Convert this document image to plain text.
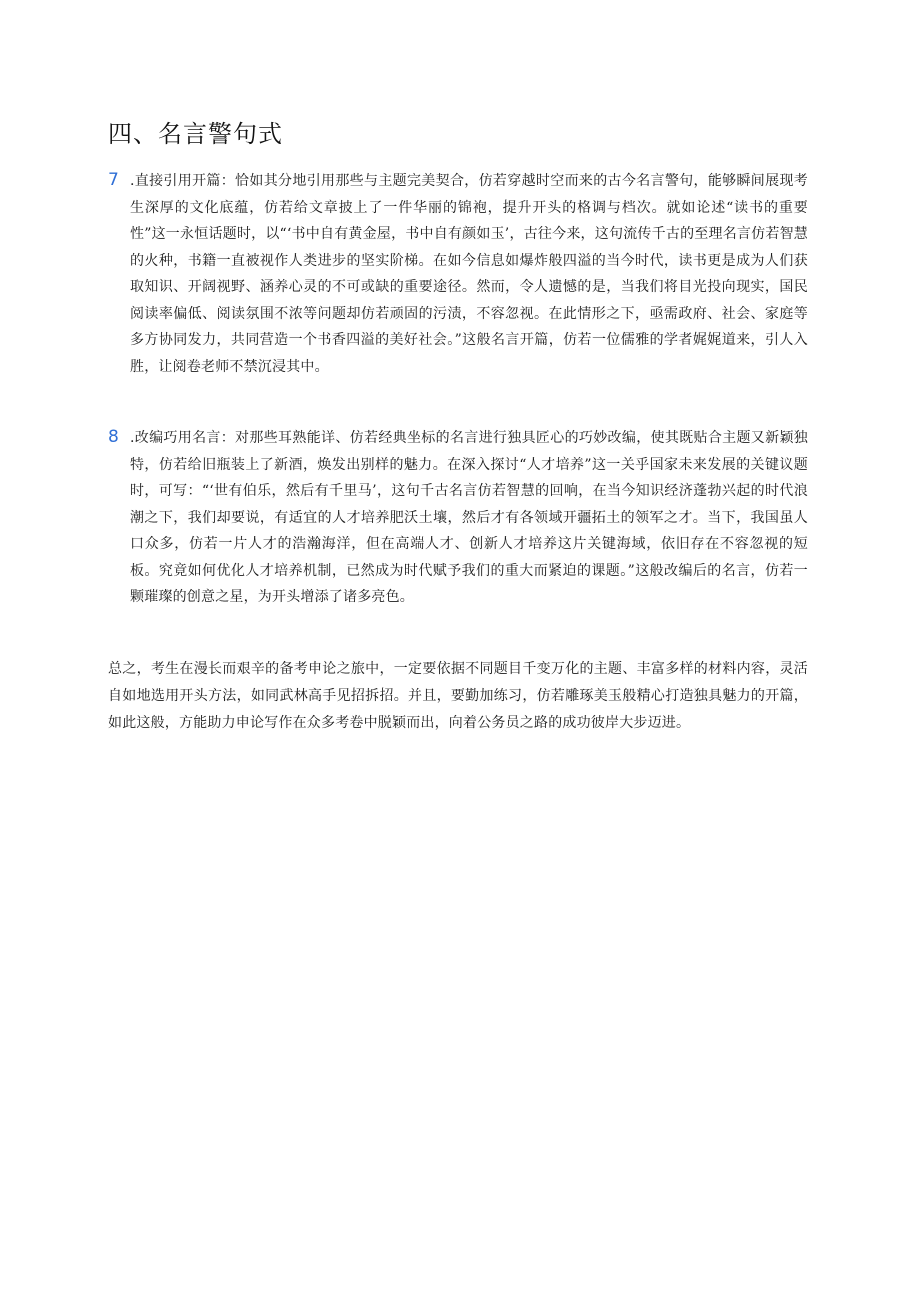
四、名言警句式
7 .直接引用开篇：恰如其分地引用那些与主题完美契合，仿若穿越时空而来的古今名言警句，能够瞬间展现考生深厚的文化底蕴，仿若给文章披上了一件华丽的锦袍，提升开头的格调与档次。就如论述“读书的重要性”这一永恒话题时，以“‘书中自有黄金屋，书中自有颜如玉’，古往今来，这句流传千古的至理名言仿若智慧的火种，书籍一直被视作人类进步的坚实阶梯。在如今信息如爆炸般四溢的当今时代，读书更是成为人们获取知识、开阔视野、涵养心灵的不可或缺的重要途径。然而，令人遗憾的是，当我们将目光投向现实，国民阅读率偏低、阅读氛围不浓等问题却仿若顽固的污渍，不容忽视。在此情形之下，亟需政府、社会、家庭等多方协同发力，共同营造一个书香四溢的美好社会。”这般名言开篇，仿若一位儒雅的学者娓娓道来，引人入胜，让阅卷老师不禁沉浸其中。

8 .改编巧用名言：对那些耳熟能详、仿若经典坐标的名言进行独具匠心的巧妙改编，使其既贴合主题又新颖独特，仿若给旧瓶装上了新酒，焕发出别样的魅力。在深入探讨“人才培养”这一关乎国家未来发展的关键议题时，可写：“‘世有伯乐，然后有千里马’，这句千古名言仿若智慧的回响，在当今知识经济蓬勃兴起的时代浪潮之下，我们却要说，有适宜的人才培养肥沃土壤，然后才有各领域开疆拓土的领军之才。当下，我国虽人口众多，仿若一片人才的浩瀚海洋，但在高端人才、创新人才培养这片关键海域，依旧存在不容忽视的短板。究竟如何优化人才培养机制，已然成为时代赋予我们的重大而紧迫的课题。”这般改编后的名言，仿若一颗璀璨的创意之星，为开头增添了诸多亮色。

总之，考生在漫长而艰辛的备考申论之旅中，一定要依据不同题目千变万化的主题、丰富多样的材料内容，灵活自如地选用开头方法，如同武林高手见招拆招。并且，要勤加练习，仿若雕琢美玉般精心打造独具魅力的开篇，如此这般，方能助力申论写作在众多考卷中脱颖而出，向着公务员之路的成功彼岸大步迈进。
